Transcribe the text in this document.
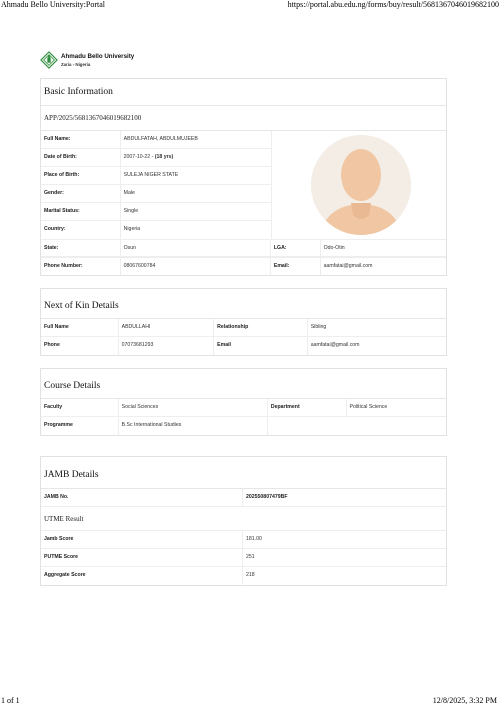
Ahmadu Bello University:Portal	https://portal.abu.edu.ng/forms/buy/result/5681367046019682100
Ahmadu Bello University
Zaria - Nigeria
Basic Information
APP/2025/5681367046019682100
Full Name:	ABDULFATAH, ABDULMUJEEB
Date of Birth:	2007-10-22 - (18 yrs)
Place of Birth:	SULEJA NIGER STATE
Gender:	Male
Marital Status:	Single
Country:	Nigeria
State:	Osun	LGA:	Odo-Otin
Phone Number:	08067600784	Email:	aamfatai@gmail.com
Next of Kin Details
Full Name	ABDULLAHI	Relationship	Sibling
Phone	07073681293	Email	aamfatai@gmail.com
Course Details
Faculty	Social Sciences	Department	Political Science
Programme	B.Sc International Studies
JAMB Details
JAMB No.	202550807479BF
UTME Result
Jamb Score	181.00
PUTME Score	251
Aggregate Score	218
1 of 1	12/8/2025, 3:32 PM
